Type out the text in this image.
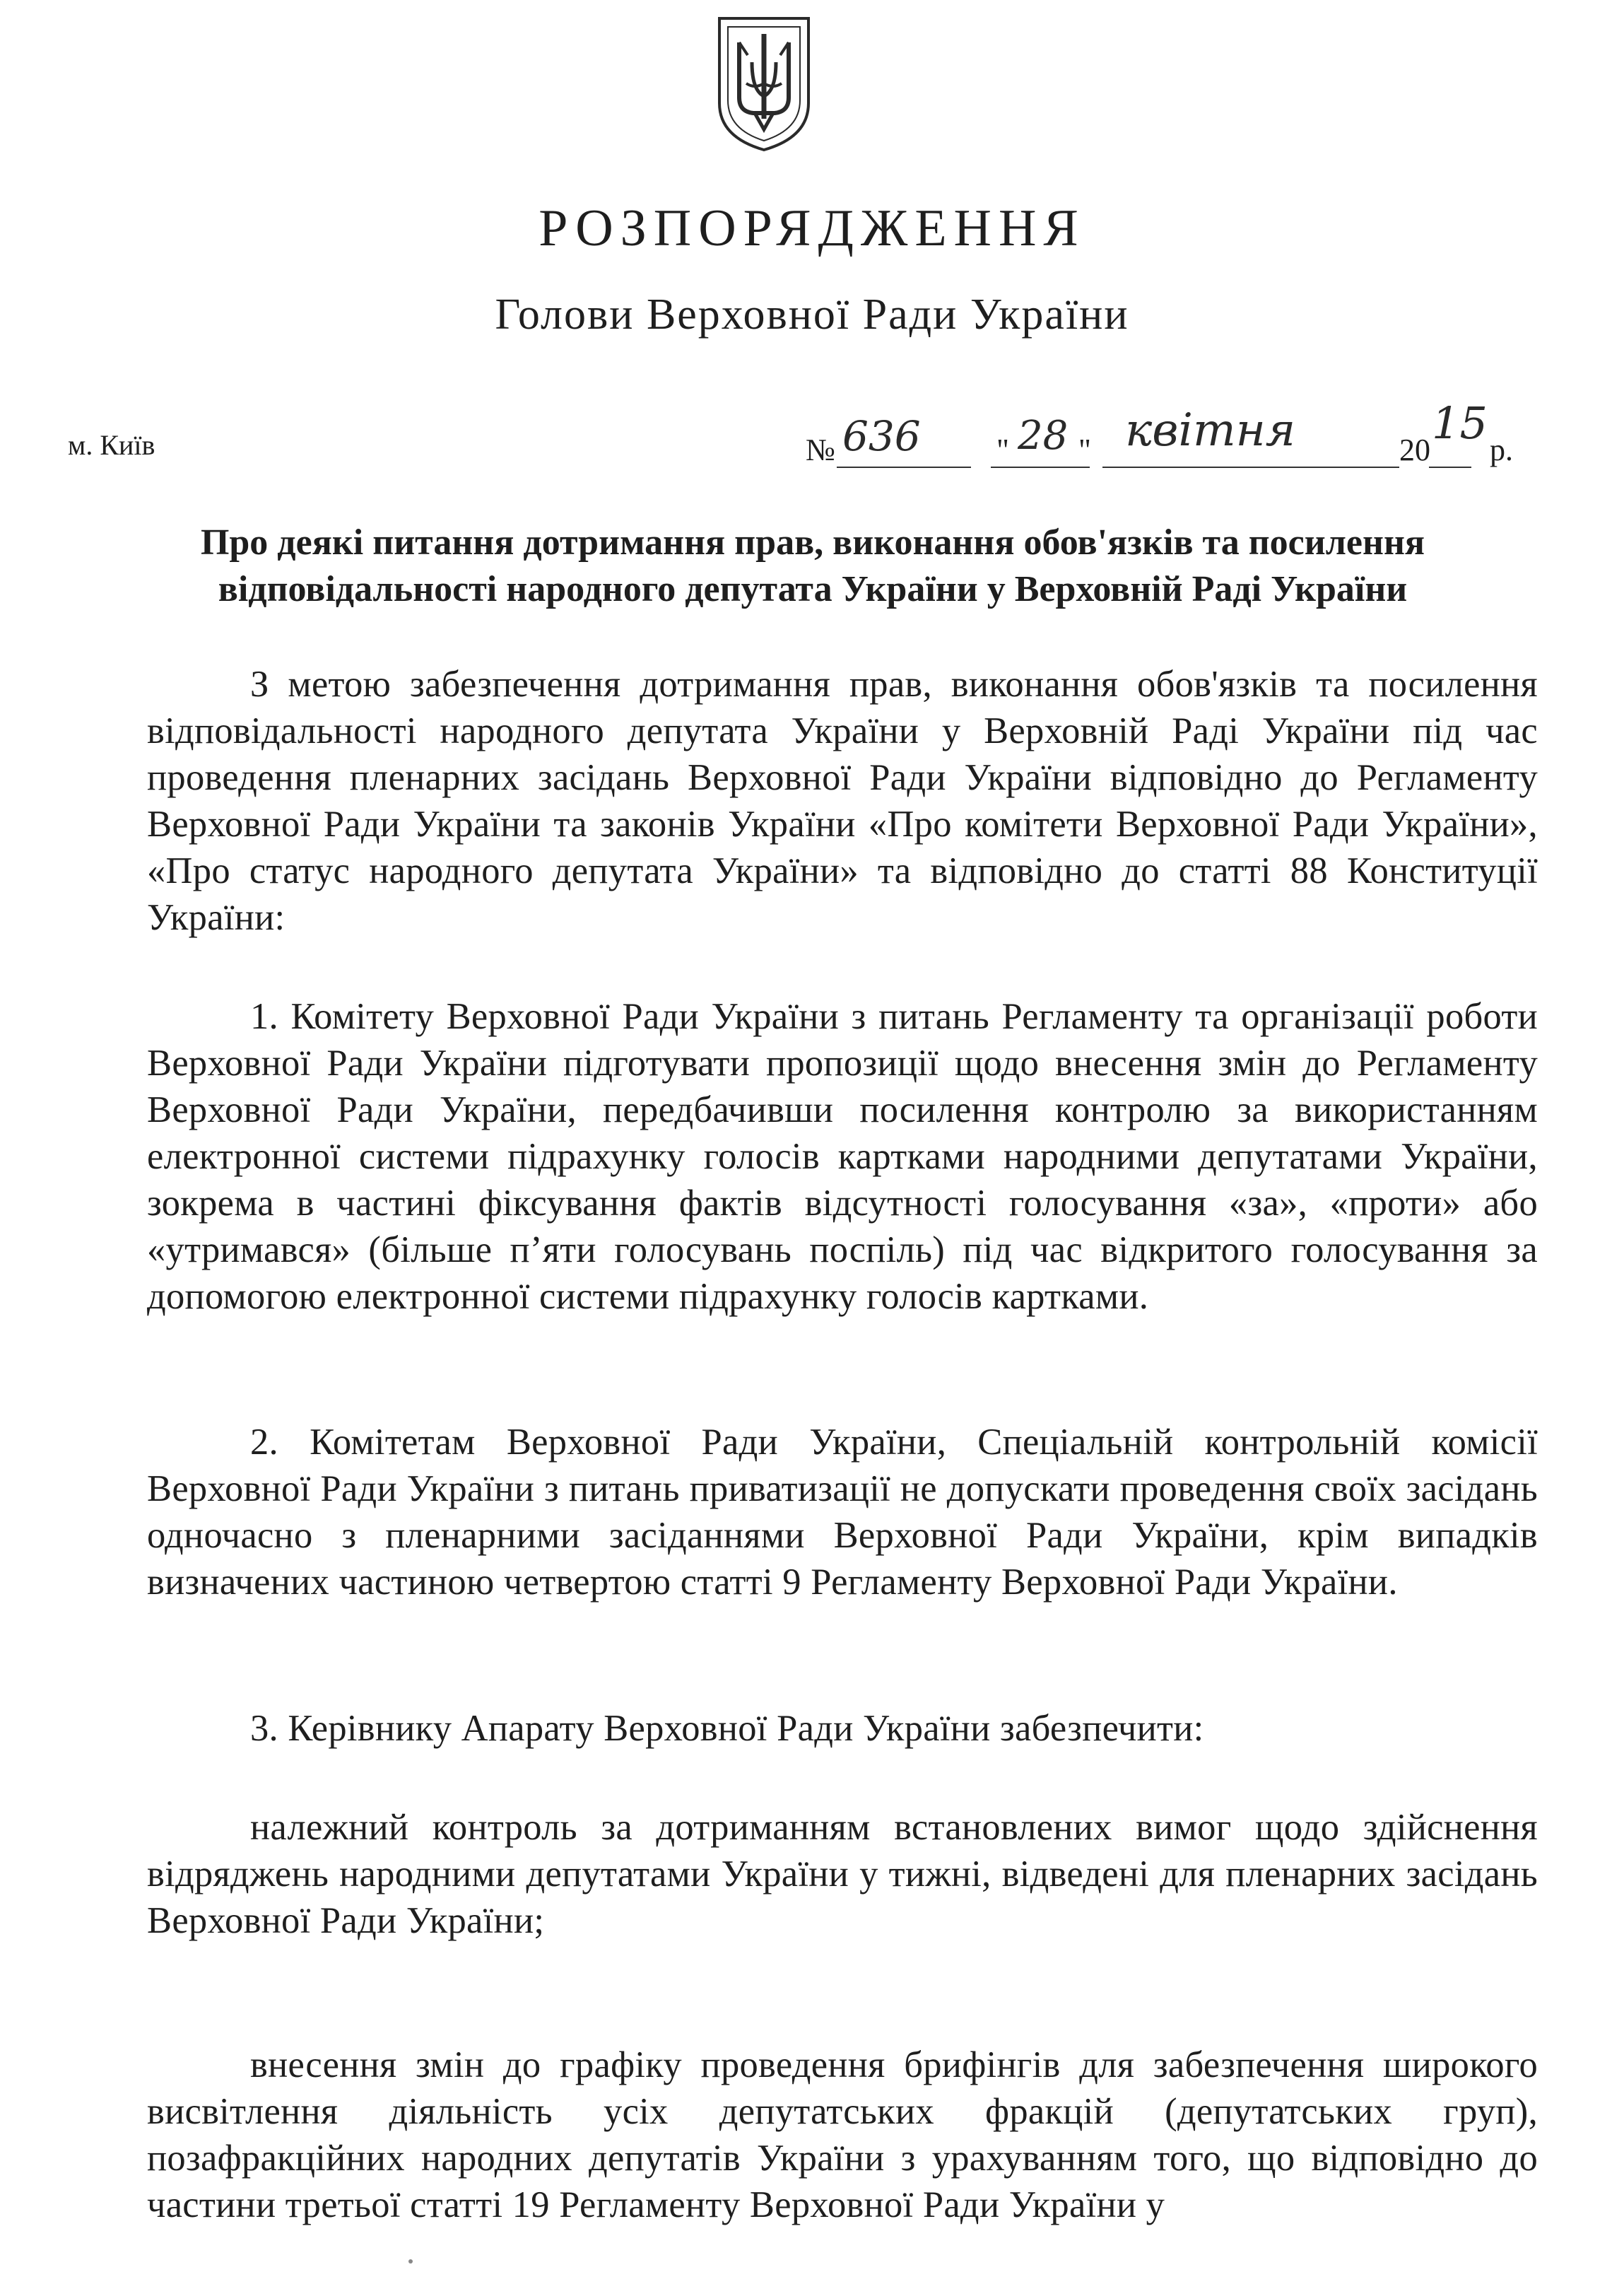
РОЗПОРЯДЖЕННЯ
Голови Верховної Ради України
м. Київ	№ 636 " 28 " квітня	20
15
р.
Про деякі питання дотримання прав, виконання обов'язків та посилення відповідальності народного депутата України у Верховній Раді України

З метою забезпечення дотримання прав, виконання обов'язків та посилення відповідальності народного депутата України у Верховній Раді України під час проведення пленарних засідань Верховної Ради України відповідно до Регламенту Верховної Ради України та законів України «Про комітети Верховної Ради України», «Про статус народного депутата України» та відповідно до статті 88 Конституції України:

1. Комітету Верховної Ради України з питань Регламенту та організації роботи Верховної Ради України підготувати пропозиції щодо внесення змін до Регламенту Верховної Ради України, передбачивши посилення контролю за використанням електронної системи підрахунку голосів картками народними депутатами України, зокрема в частині фіксування фактів відсутності голосування «за», «проти» або «утримався» (більше п’яти голосувань поспіль) під час відкритого голосування за допомогою електронної системи підрахунку голосів картками.

2. Комітетам Верховної Ради України, Спеціальній контрольній комісії Верховної Ради України з питань приватизації не допускати проведення своїх засідань одночасно з пленарними засіданнями Верховної Ради України, крім випадків визначених частиною четвертою статті 9 Регламенту Верховної Ради України.

3. Керівнику Апарату Верховної Ради України забезпечити:

належний контроль за дотриманням встановлених вимог щодо здійснення відряджень народними депутатами України у тижні, відведені для пленарних засідань Верховної Ради України;

внесення змін до графіку проведення брифінгів для забезпечення широкого висвітлення діяльність усіх депутатських фракцій (депутатських груп), позафракційних народних депутатів України з урахуванням того, що відповідно до частини третьої статті 19 Регламенту Верховної Ради України у
